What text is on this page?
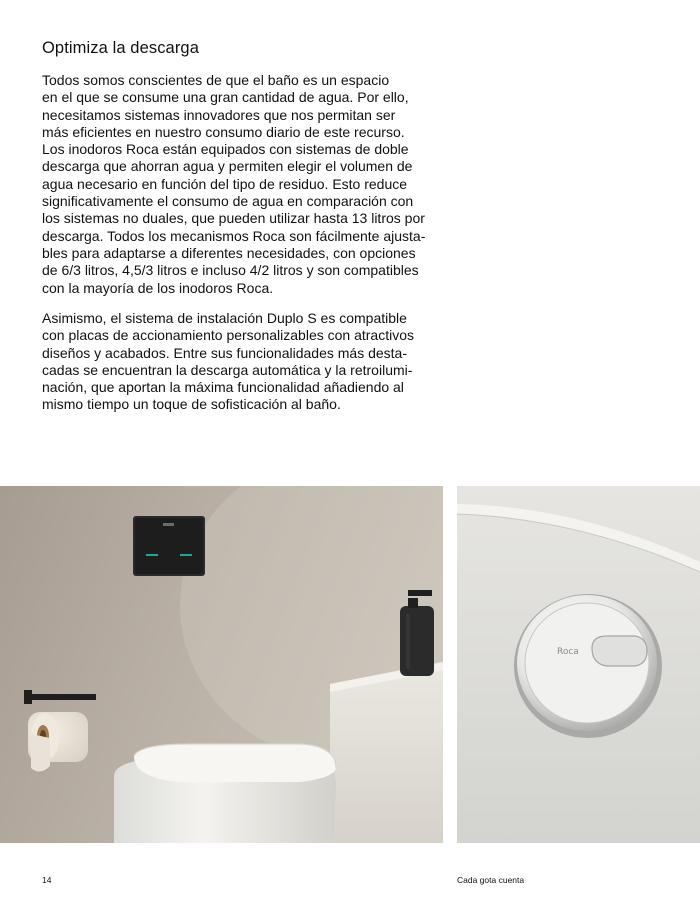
Optimiza la descarga

Todos somos conscientes de que el baño es un espacio
en el que se consume una gran cantidad de agua. Por ello,
necesitamos sistemas innovadores que nos permitan ser
más eficientes en nuestro consumo diario de este recurso.
Los inodoros Roca están equipados con sistemas de doble
descarga que ahorran agua y permiten elegir el volumen de
agua necesario en función del tipo de residuo. Esto reduce
significativamente el consumo de agua en comparación con
los sistemas no duales, que pueden utilizar hasta 13 litros por
descarga. Todos los mecanismos Roca son fácilmente ajusta-
bles para adaptarse a diferentes necesidades, con opciones
de 6/3 litros, 4,5/3 litros e incluso 4/2 litros y son compatibles
con la mayoría de los inodoros Roca.

Asimismo, el sistema de instalación Duplo S es compatible
con placas de accionamiento personalizables con atractivos
diseños y acabados. Entre sus funcionalidades más desta-
cadas se encuentran la descarga automática y la retroilumi-
nación, que aportan la máxima funcionalidad añadiendo al
mismo tiempo un toque de sofisticación al baño.

Roca

14	Cada gota cuenta
